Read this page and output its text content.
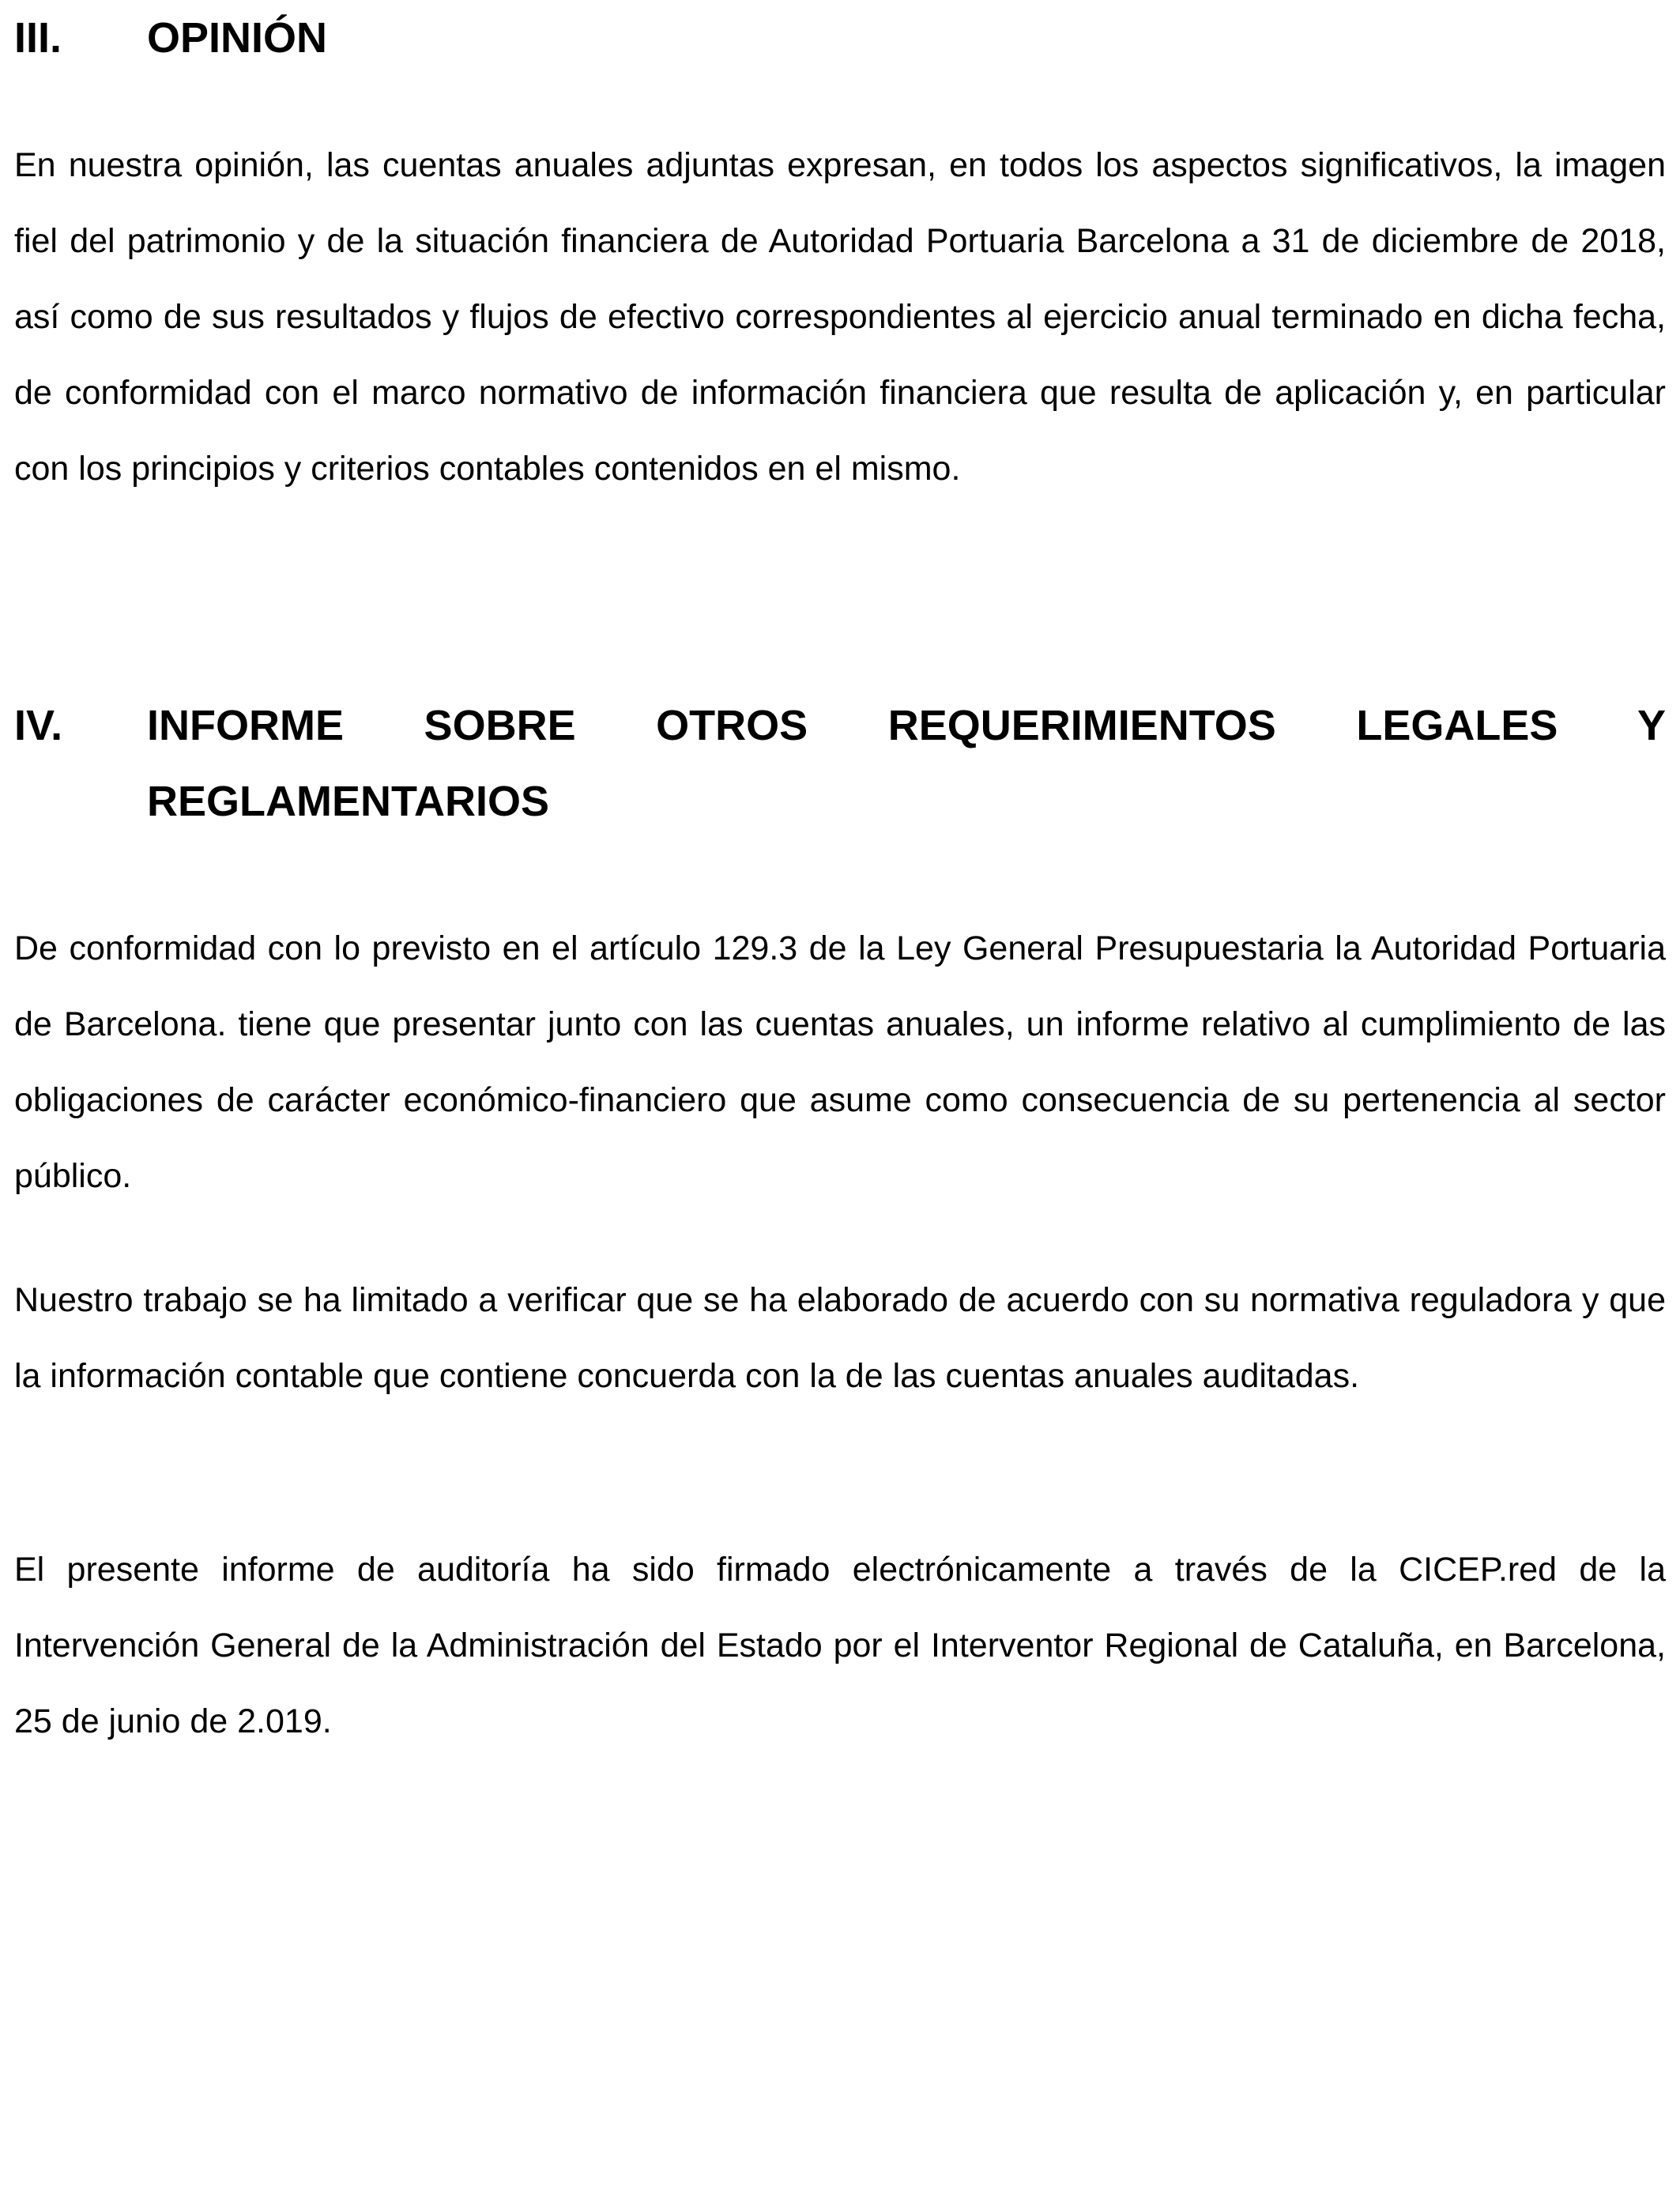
III.	OPINIÓN

En nuestra opinión, las cuentas anuales adjuntas expresan, en todos los aspectos significativos, la imagen fiel del patrimonio y de la situación financiera de Autoridad Portuaria Barcelona a 31 de diciembre de 2018, así como de sus resultados y flujos de efectivo correspondientes al ejercicio anual terminado en dicha fecha, de conformidad con el marco normativo de información financiera que resulta de aplicación y, en particular con los principios y criterios contables contenidos en el mismo.

IV.	INFORME SOBRE OTROS REQUERIMIENTOS LEGALES Y
REGLAMENTARIOS

De conformidad con lo previsto en el artículo 129.3 de la Ley General Presupuestaria la Autoridad Portuaria de Barcelona. tiene que presentar junto con las cuentas anuales, un informe relativo al cumplimiento de las obligaciones de carácter económico-financiero que asume como consecuencia de su pertenencia al sector público.

Nuestro trabajo se ha limitado a verificar que se ha elaborado de acuerdo con su normativa reguladora y que la información contable que contiene concuerda con la de las cuentas anuales auditadas.

El presente informe de auditoría ha sido firmado electrónicamente a través de la CICEP.red de la Intervención General de la Administración del Estado por el Interventor Regional de Cataluña, en Barcelona, 25 de junio de 2.019.
